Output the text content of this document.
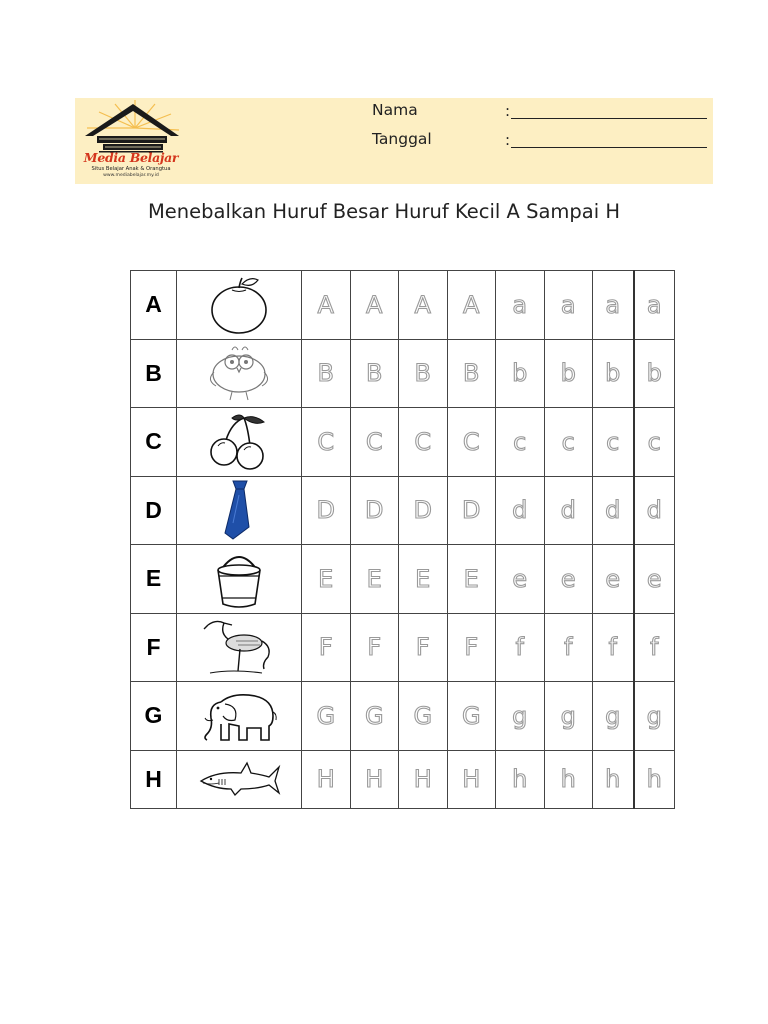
Media Belajar
Situs Belajar Anak & Orangtua
www.mediabelajar.my.id
Nama	:
Tanggal	:
Menebalkan Huruf Besar Huruf Kecil A Sampai H
A		A	A	A	A	a	a	a	a
B		B	B	B	B	b	b	b	b
C		C	C	C	C	c	c	c	c
D		D	D	D	D	d	d	d	d
E		E	E	E	E	e	e	e	e
F		F	F	F	F	f	f	f	f
G		G	G	G	G	g	g	g	g
H		H	H	H	H	h	h	h	h
